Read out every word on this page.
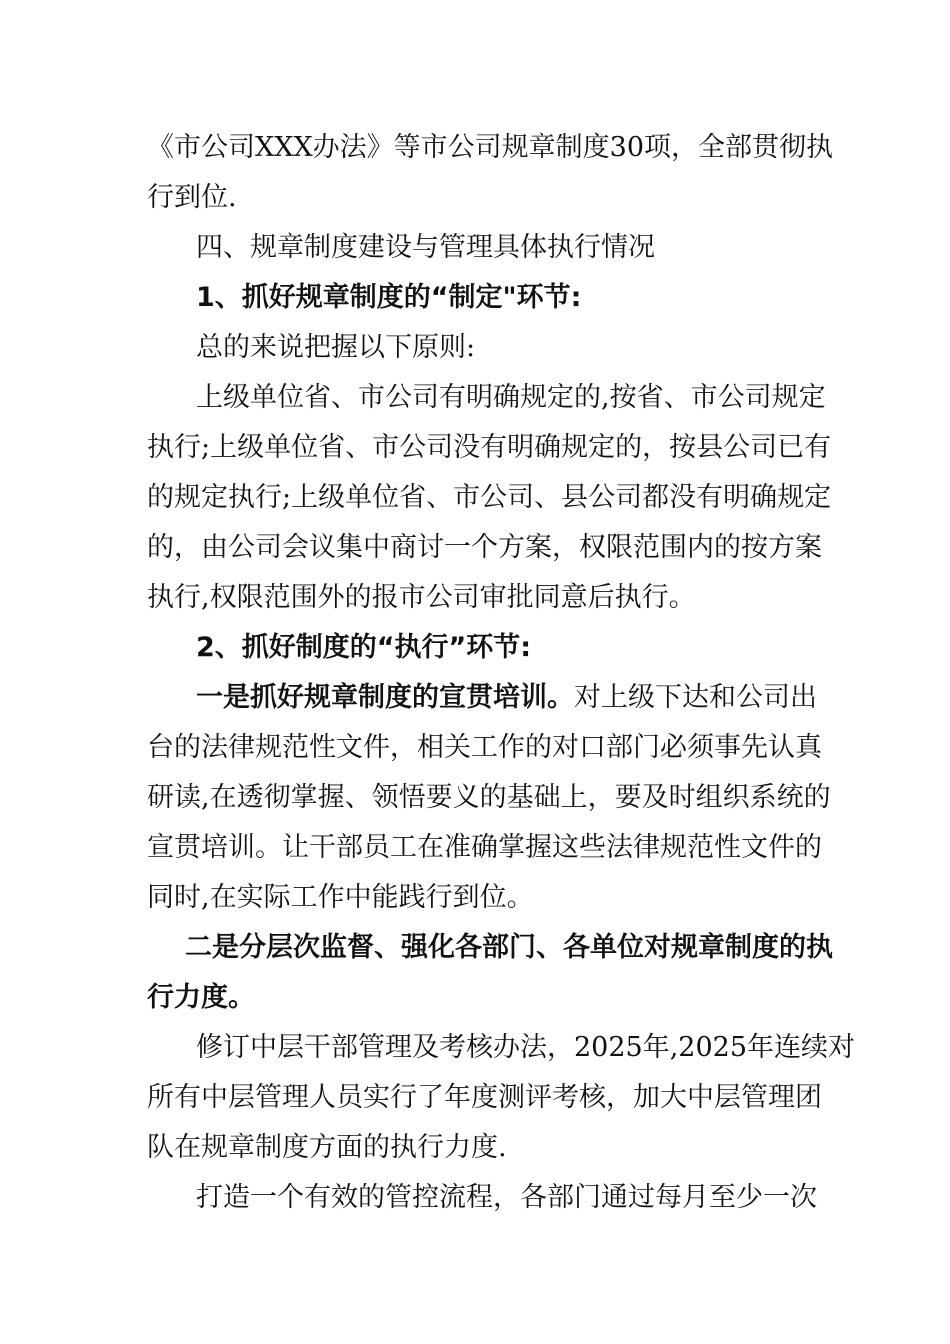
《市公司XXX办法》等市公司规章制度30项，全部贯彻执
行到位.
四、规章制度建设与管理具体执行情况
1、抓好规章制度的“制定"环节:
总的来说把握以下原则:
上级单位省、市公司有明确规定的,按省、市公司规定
执行;上级单位省、市公司没有明确规定的，按县公司已有
的规定执行;上级单位省、市公司、县公司都没有明确规定
的，由公司会议集中商讨一个方案，权限范围内的按方案
执行,权限范围外的报市公司审批同意后执行。
2、抓好制度的“执行”环节:
一是抓好规章制度的宣贯培训。对上级下达和公司出
台的法律规范性文件，相关工作的对口部门必须事先认真
研读,在透彻掌握、领悟要义的基础上，要及时组织系统的
宣贯培训。让干部员工在准确掌握这些法律规范性文件的
同时,在实际工作中能践行到位。
二是分层次监督、强化各部门、各单位对规章制度的执
行力度。
修订中层干部管理及考核办法，2025年,2025年连续对
所有中层管理人员实行了年度测评考核，加大中层管理团
队在规章制度方面的执行力度.
打造一个有效的管控流程，各部门通过每月至少一次
